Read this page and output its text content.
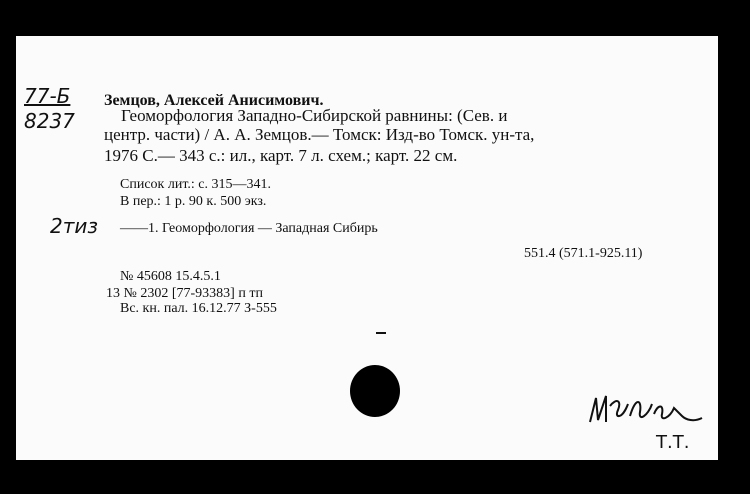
77-Б
8237
Земцов, Алексей Анисимович.
Геоморфология Западно-Сибирской равнины: (Сев. и
центр. части) / А. А. Земцов.— Томск: Изд-во Томск. ун-та,
1976 С.— 343 с.: ил., карт. 7 л. схем.; карт. 22 см.
Список лит.: с. 315—341.
В пер.: 1 р. 90 к. 500 экз.
2тиз ——1. Геоморфология — Западная Сибирь
551.4 (571.1-925.11)
№ 45608 15.4.5.1
13 № 2302 [77-93383] п тп
Вс. кн. пал. 16.12.77 З-555
Т.Т.
